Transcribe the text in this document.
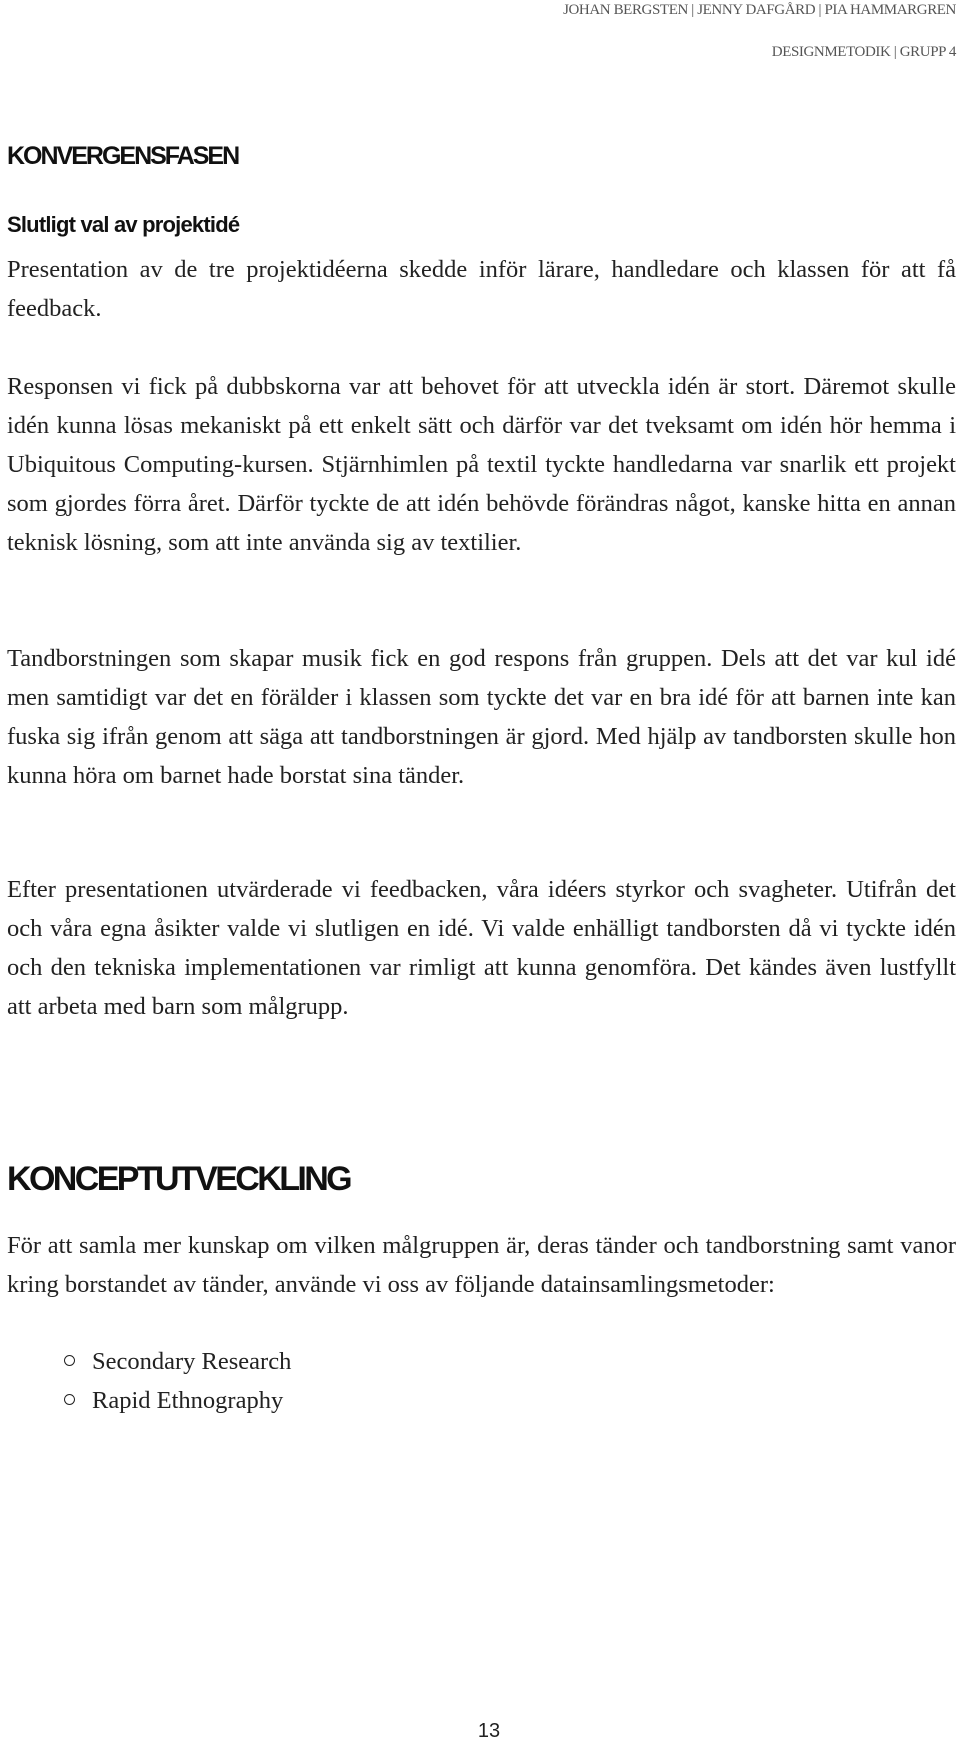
JOHAN BERGSTEN | JENNY DAFGÅRD | PIA HAMMARGREN
DESIGNMETODIK | GRUPP 4
KONVERGENSFASEN
Slutligt val av projektidé

Presentation av de tre projektidéerna skedde inför lärare, handledare och klassen för att få feedback.

Responsen vi fick på dubbskorna var att behovet för att utveckla idén är stort. Däremot skulle idén kunna lösas mekaniskt på ett enkelt sätt och därför var det tveksamt om idén hör hemma i Ubiquitous Computing-kursen. Stjärnhimlen på textil tyckte handledarna var snarlik ett projekt som gjordes förra året. Därför tyckte de att idén behövde förändras något, kanske hitta en annan teknisk lösning, som att inte använda sig av textilier.

Tandborstningen som skapar musik fick en god respons från gruppen. Dels att det var kul idé men samtidigt var det en förälder i klassen som tyckte det var en bra idé för att barnen inte kan fuska sig ifrån genom att säga att tandborstningen är gjord. Med hjälp av tandborsten skulle hon kunna höra om barnet hade borstat sina tänder.

Efter presentationen utvärderade vi feedbacken, våra idéers styrkor och svagheter. Utifrån det och våra egna åsikter valde vi slutligen en idé. Vi valde enhälligt tandborsten då vi tyckte idén och den tekniska implementationen var rimligt att kunna genomföra. Det kändes även lustfyllt att arbeta med barn som målgrupp.

KONCEPTUTVECKLING

För att samla mer kunskap om vilken målgruppen är, deras tänder och tandborstning samt vanor kring borstandet av tänder, använde vi oss av följande datainsamlingsmetoder:

Secondary Research
Rapid Ethnography
13
